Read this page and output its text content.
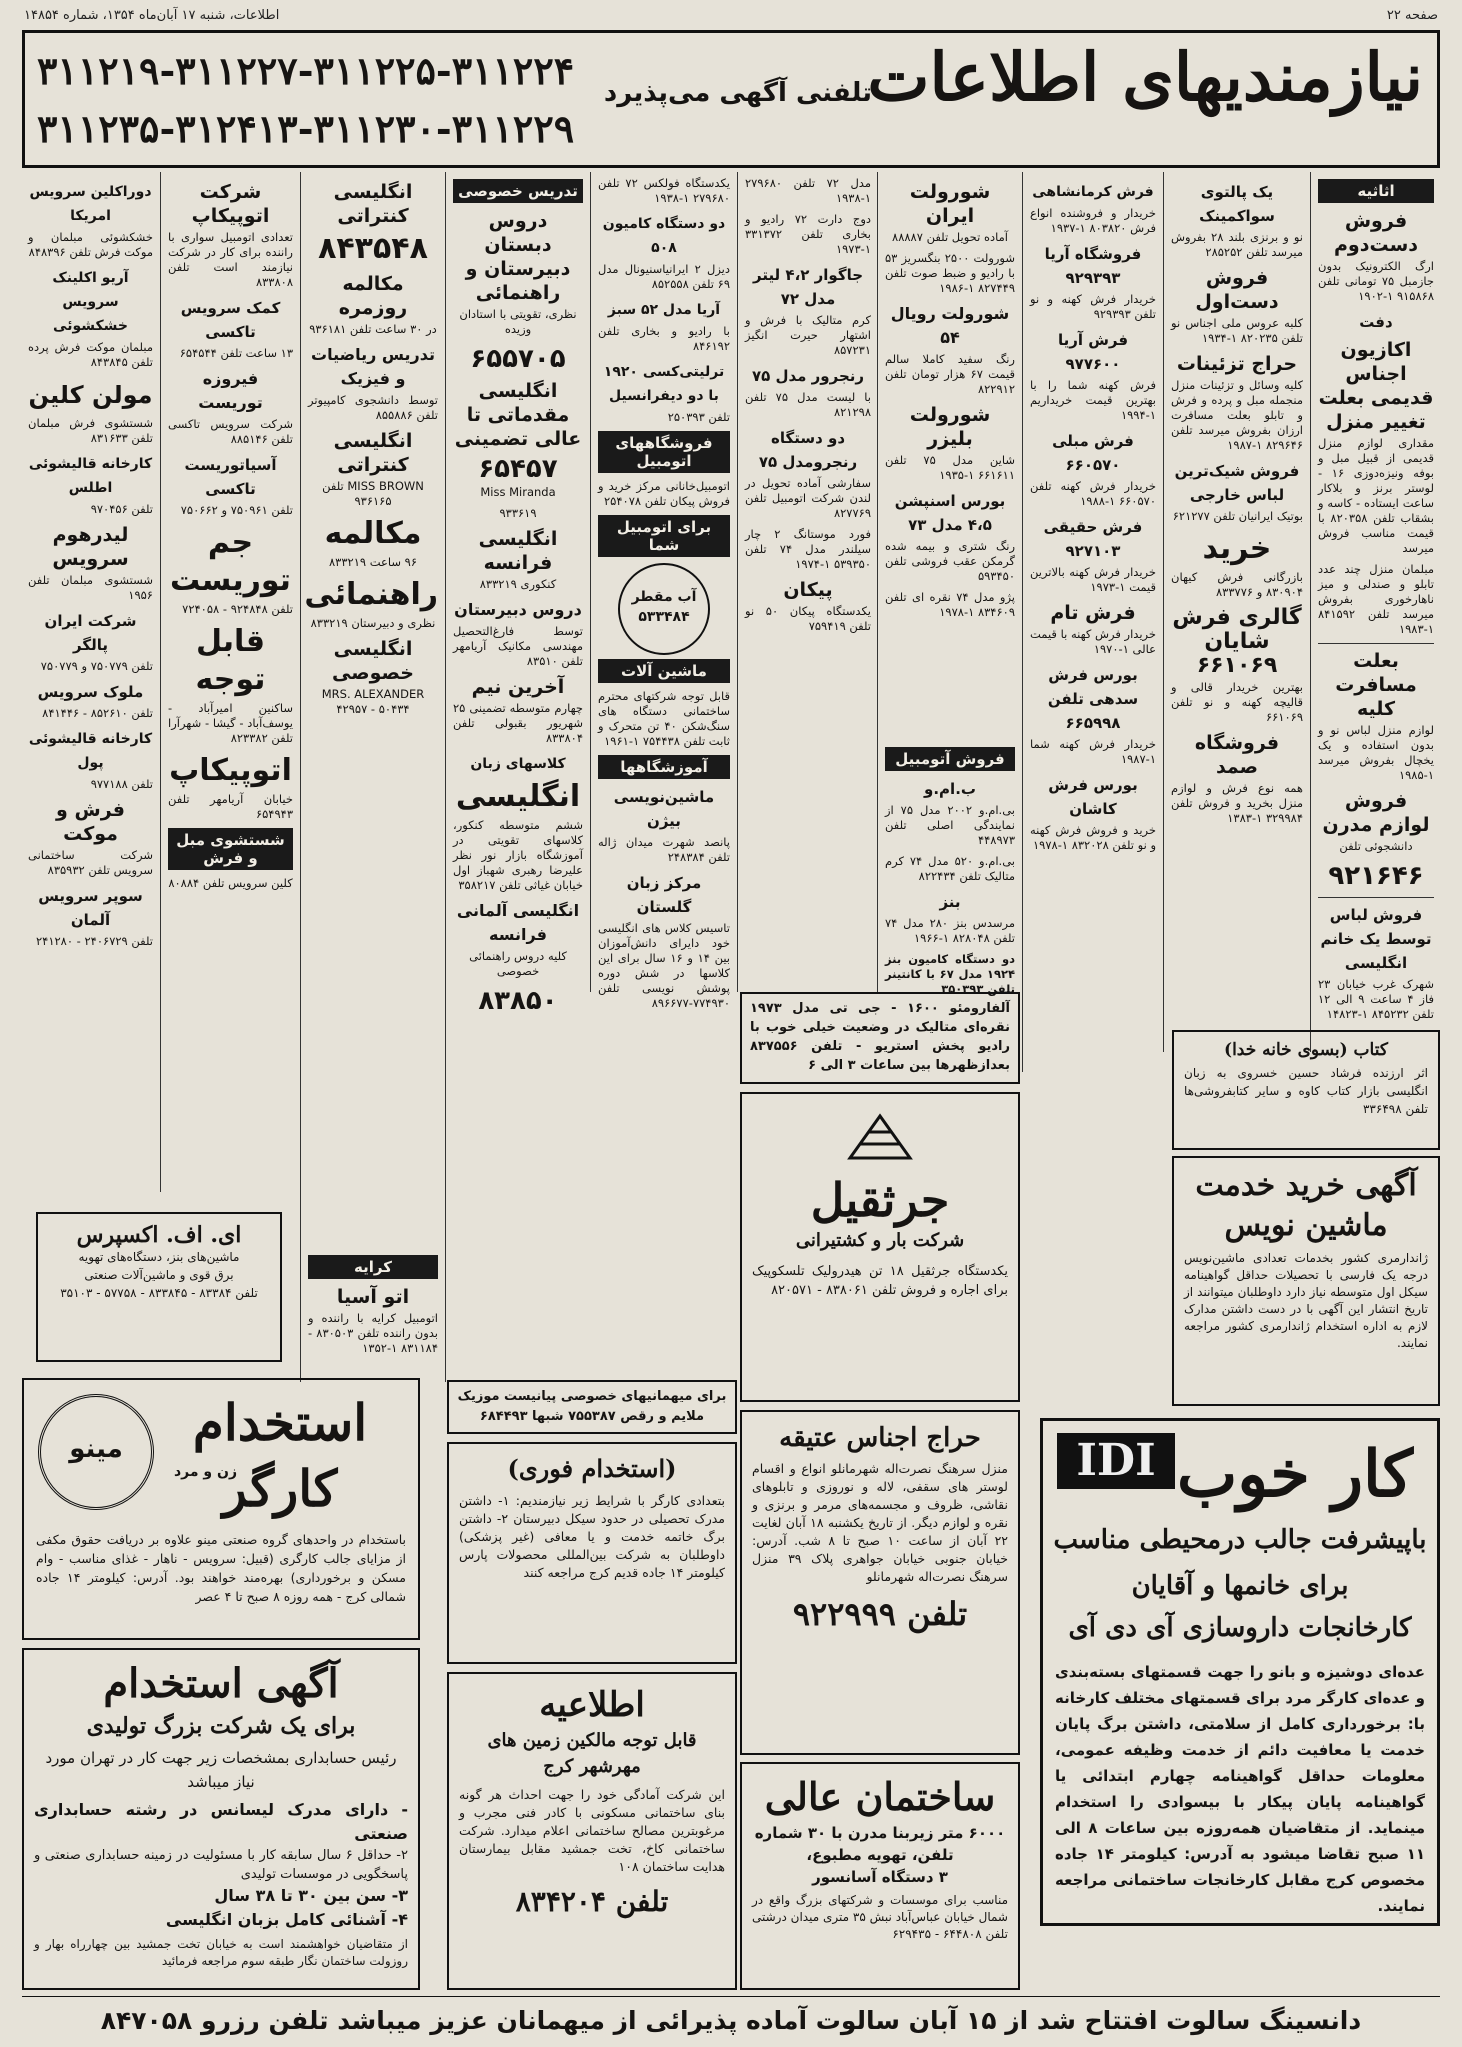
صفحه ۲۲
اطلاعات، شنبه ۱۷ آبان‌ماه ۱۳۵۴، شماره ۱۴۸۵۴
نیازمندیهای اطلاعات
تلفنی آگهی می‌پذیرد
۳۱۱۲۱۹-۳۱۱۲۲۷-۳۱۱۲۲۵-۳۱۱۲۲۴
۳۱۱۲۳۵-۳۱۲۴۱۳-۳۱۱۲۳۰-۳۱۱۲۲۹
اثاثیه
فروش دست‌دوم
ارگ الکترونیک بدون جازمبل ۷۵ تومانی تلفن ۹۱۵۸۶۸ ۱-۱۹۰۲
دفت
اکازیون اجناس قدیمی بعلت تغییر منزل
مقداری لوازم منزل قدیمی از قبیل مبل و بوفه ونیزه‌دوزی ۱۶ - لوستر برنز و بلاکار ساعت ایستاده - کاسه و بشقاب تلفن ۸۲۰۳۵۸ با قیمت مناسب فروش میرسد
مبلمان منزل چند عدد تابلو و صندلی و میز ناهارخوری بفروش میرسد تلفن ۸۴۱۵۹۲ ۱-۱۹۸۳
بعلت مسافرت کلیه
لوازم منزل لباس نو و بدون استفاده و یک یخچال بفروش میرسد ۱-۱۹۸۵
فروش لوازم مدرن
دانشجوئی تلفن
۹۲۱۶۴۶
فروش لباس توسط یک خانم انگلیسی
شهرک غرب خیابان ۲۳ فاز ۴ ساعت ۹ الی ۱۲ تلفن ۸۴۵۲۳۲ ۱-۱۴۸۲۳
یک پالتوی سواکمینک
نو و برنزی بلند ۲۸ بفروش میرسد تلفن ۲۸۵۲۵۲
فروش دست‌اول
کلبه عروس ملی اجناس نو تلفن ۸۲۰۲۳۵ ۱-۱۹۳۴
حراج تزئینات
کلیه وسائل و تزئینات منزل منجمله مبل و پرده و فرش و تابلو بعلت مسافرت ارزان بفروش میرسد تلفن ۸۲۹۶۴۶ ۱-۱۹۸۷
فروش شیک‌ترین لباس خارجی
بوتیک ایرانیان تلفن ۶۲۱۲۷۷
خرید
بازرگانی فرش کیهان ۸۳۰۹۰۴ و ۸۳۳۷۷۶
گالری فرش شایان ۶۶۱۰۶۹
بهترین خریدار قالی و قالیچه کهنه و نو تلفن ۶۶۱۰۶۹
فروشگاه صمد
همه نوع فرش و لوازم منزل بخرید و فروش تلفن ۳۲۹۹۸۴ ۱-۱۳۸۳
فرش کرمانشاهی
خریدار و فروشنده انواع فرش ۸۰۳۸۲۰ ۱-۱۹۳۷
فروشگاه آریا ۹۲۹۳۹۳
خریدار فرش کهنه و نو تلفن ۹۲۹۳۹۳
فرش آریا ۹۷۷۶۰۰
فرش کهنه شما را با بهترین قیمت خریداریم ۱-۱۹۹۴
فرش مبلی ۶۶۰۵۷۰
خریدار فرش کهنه تلفن ۶۶۰۵۷۰ ۱-۱۹۸۸
فرش حقیقی ۹۲۷۱۰۳
خریدار فرش کهنه بالاترین قیمت ۱-۱۹۷۳
فرش تام
خریدار فرش کهنه با قیمت عالی ۱-۱۹۷۰
بورس فرش سدهی تلفن ۶۶۵۹۹۸
خریدار فرش کهنه شما ۱-۱۹۸۷
بورس فرش کاشان
خرید و فروش فرش کهنه و نو تلفن ۸۳۲۰۲۸ ۱-۱۹۷۸
شورولت ایران
آماده تحویل تلفن ۸۸۸۸۷
شورولت ۲۵۰۰ بنگسریز ۵۳ با رادیو و ضبط صوت تلفن ۸۲۷۴۴۹ ۱-۱۹۸۶
شورولت رویال ۵۴
رنگ سفید کاملا سالم قیمت ۶۷ هزار تومان تلفن ۸۲۲۹۱۲
شورولت بلیزر
شاین مدل ۷۵ تلفن ۶۶۱۶۱۱ ۱-۱۹۳۵
بورس اسنپشن ۴،۵ مدل ۷۳
رنگ شتری و بیمه شده گرمکن عقب فروشی تلفن ۵۹۳۴۵۰
پژو مدل ۷۴ نقره ای تلفن ۸۳۴۶۰۹ ۱-۱۹۷۸
فروش آتومبیل
ب.ام.و
بی.ام.و ۲۰۰۲ مدل ۷۵ از نمایندگی اصلی تلفن ۴۴۸۹۷۳
بی.ام.و ۵۲۰ مدل ۷۴ کرم متالیک تلفن ۸۲۲۴۳۴
بنز
مرسدس بنز ۲۸۰ مدل ۷۴ تلفن ۸۲۸۰۴۸ ۱-۱۹۶۶
دو دستگاه کامیون بنز ۱۹۲۴ مدل ۶۷ با کانتینر تلفن ۳۵۰۳۹۳
مدل ۷۲ تلفن ۲۷۹۶۸۰ ۱-۱۹۳۸
دوج دارت ۷۲ رادیو و بخاری تلفن ۳۳۱۳۷۲ ۱-۱۹۷۳
جاگوار ۴،۲ لیتر مدل ۷۲
کرم متالیک با فرش و اشتهار حیرت انگیز ۸۵۷۲۳۱
رنجرور مدل ۷۵
با لیست مدل ۷۵ تلفن ۸۲۱۲۹۸
دو دستگاه رنجرومدل ۷۵
سفارشی آماده تحویل در لندن شرکت اتومبیل تلفن ۸۲۷۷۶۹
فورد موستانگ ۲ چار سیلندر مدل ۷۴ تلفن ۵۳۹۳۵۰ ۱-۱۹۷۴
پیکان
یکدستگاه پیکان ۵۰ نو تلفن ۷۵۹۴۱۹
یکدستگاه فولکس ۷۲ تلفن ۲۷۹۶۸۰ ۱-۱۹۳۸
دو دستگاه کامیون ۵۰۸
دیزل ۲ ایرانیاسنیونال مدل ۶۹ تلفن ۸۵۲۵۵۸
آریا مدل ۵۲ سبز
با رادیو و بخاری تلفن ۸۴۶۱۹۲
ترلیتی‌کسی ۱۹۲۰ با دو دیفرانسیل
تلفن ۲۵۰۳۹۳
فروشگاههای اتومبیل
اتومبیل‌خانانی مرکز خرید و فروش پیکان تلفن ۲۵۴۰۷۸
برای اتومبیل شما
آب مقطر ۵۳۳۴۸۴
ماشین آلات
قابل توجه شرکتهای محترم ساختمانی دستگاه های سنگ‌شکن ۴۰ تن متحرک و ثابت تلفن ۷۵۴۴۳۸ ۱-۱۹۶۱
آموزشگاهها
ماشین‌نویسی بیژن
پانصد شهرت میدان ژاله تلفن ۲۴۸۳۸۴
مرکز زبان گلستان
تاسیس کلاس های انگلیسی خود دایرای دانش‌آموزان بین ۱۴ و ۱۶ سال برای این کلاسها در شش دوره پوشش نویسی تلفن ۷۷۴۹۳۰-۸۹۶۶۷۷
تدریس خصوصی
دروس دبستان دبیرستان و راهنمائی
نظری، تقویتی با استادان وزیده
۶۵۵۷۰۵
انگلیسی مقدماتی تا عالی تضمینی
۶۵۴۵۷
Miss Miranda
۹۳۳۶۱۹
انگلیسی فرانسه
کنکوری ۸۳۳۲۱۹
دروس دبیرستان
توسط فارغ‌التحصیل مهندسی مکانیک آریامهر تلفن ۸۳۵۱۰
آخرین نیم
چهارم متوسطه تضمینی ۲۵ شهریور بقبولی تلفن ۸۳۳۸۰۴
کلاسهای زبان
انگلیسی
ششم متوسطه کنکور، کلاسهای تقویتی در آموزشگاه بازار نور نظر علیرضا رهبری شهباز اول خیابان غیاثی تلفن ۳۵۸۲۱۷
انگلیسی آلمانی فرانسه
کلیه دروس راهنمائی خصوصی
۸۳۸۵۰
انگلیسی کنتراتی
۸۴۳۵۴۸
مکالمه روزمره
در ۳۰ ساعت تلفن ۹۳۶۱۸۱
تدریس ریاضیات و فیزیک
توسط دانشجوی کامپیوتر تلفن ۸۵۵۸۸۶
انگلیسی کنتراتی
MISS BROWN تلفن ۹۳۶۱۶۵
مکالمه
۹۶ ساعت ۸۳۳۲۱۹
راهنمائی
نظری و دبیرستان ۸۳۳۲۱۹
انگلیسی خصوصی
MRS. ALEXANDER ۴۲۹۵۷ - ۵۰۴۳۴
شرکت اتوپیکاپ
تعدادی اتومبیل سواری با راننده برای کار در شرکت نیازمند است تلفن ۸۳۳۸۰۸
کمک سرویس تاکسی
۱۳ ساعت تلفن ۶۵۴۵۴۴
فیروزه توریست
شرکت سرویس تاکسی تلفن ۸۸۵۱۴۶
آسیاتوریست تاکسی
تلفن ۷۵۰۹۶۱ و ۷۵۰۶۶۲
جم توریست
تلفن ۹۲۴۸۴۸ - ۷۲۴۰۵۸
قابل توجه
ساکنین امیرآباد - یوسف‌آباد - گیشا - شهرآرا تلفن ۸۲۳۳۸۲
اتوپیکاپ
خیابان آریامهر تلفن ۶۵۴۹۴۳
شستشوی مبل و فرش
کلین سرویس تلفن ۸۰۸۸۴
دوراکلین سرویس امریکا
خشکشوئی مبلمان و موکت فرش تلفن ۸۴۸۳۹۶
آریو اکلینک سرویس خشکشوئی
مبلمان موکت فرش پرده تلفن ۸۴۳۸۴۵
مولن کلین
شستشوی فرش مبلمان تلفن ۸۳۱۶۳۳
کارخانه قالیشوئی اطلس
تلفن ۹۷۰۴۵۶
لیدرهوم سرویس
شستشوی مبلمان تلفن ۱۹۵۶
شرکت ایران پالگر
تلفن ۷۵۰۷۷۹ و ۷۵۰۷۷۹
ملوک سرویس
تلفن ۸۵۲۶۱۰ - ۸۴۱۴۴۶
کارخانه قالیشوئی پول
تلفن ۹۷۷۱۸۸
فرش و موکت
شرکت ساختمانی سرویس تلفن ۸۳۵۹۳۲
سوپر سرویس آلمان
تلفن ۲۴۰۶۷۲۹ - ۲۴۱۲۸۰
ای. اف. اکسپرس
ماشین‌های بنز، دستگاه‌های تهویه
برق قوی و ماشین‌آلات صنعتی
تلفن ۸۳۳۸۴ - ۸۳۳۸۴۵ - ۵۷۷۵۸ - ۳۵۱۰۳
کرایه
اتو آسیا
اتومبیل کرایه با راننده و بدون راننده تلفن ۸۳۰۵۰۳ - ۸۳۱۱۸۴ ۱-۱۳۵۲
برای میهمانیهای خصوصی پیانیست موزیک ملایم و رقص ۷۵۵۳۸۷ شبها ۶۸۴۴۹۳
آلفارومئو ۱۶۰۰ - جی تی مدل ۱۹۷۳ نقره‌ای متالیک در وضعیت خیلی خوب با رادیو پخش استریو - تلفن ۸۳۷۵۵۶ بعدازظهرها بین ساعات ۳ الی ۶
جرثقیل
شرکت بار و کشتیرانی
یکدستگاه جرثقیل ۱۸ تن هیدرولیک تلسکوپیک برای اجاره و فروش تلفن ۸۳۸۰۶۱ - ۸۲۰۵۷۱
کتاب (بسوی خانه خدا)
اثر ارزنده فرشاد حسین خسروی به زبان انگلیسی بازار کتاب کاوه و سایر کتابفروشی‌ها تلفن ۳۳۶۴۹۸
آگهی خرید خدمت ماشین نویس
ژاندارمری کشور بخدمات تعدادی ماشین‌نویس درجه یک فارسی با تحصیلات حداقل گواهینامه سیکل اول متوسطه نیاز دارد داوطلبان میتوانند از تاریخ انتشار این آگهی با در دست داشتن مدارک لازم به اداره استخدام ژاندارمری کشور مراجعه نمایند.
مینو	استخدام کارگر
زن و مرد
باستخدام در واحدهای گروه صنعتی مینو علاوه بر دریافت حقوق مکفی از مزایای جالب کارگری (قبیل: سرویس - ناهار - غذای مناسب - وام مسکن و برخورداری) بهره‌مند خواهند بود. آدرس: کیلومتر ۱۴ جاده شمالی کرج - همه روزه ۸ صبح تا ۴ عصر
(استخدام فوری)
بتعدادی کارگر با شرایط زیر نیازمندیم: ۱- داشتن مدرک تحصیلی در حدود سیکل دبیرستان ۲- داشتن برگ خاتمه خدمت و یا معافی (غیر پزشکی) داوطلبان به شرکت بین‌المللی محصولات پارس کیلومتر ۱۴ جاده قدیم کرج مراجعه کنند
حراج اجناس عتیقه
منزل سرهنگ نصرت‌اله شهرمانلو انواع و اقسام لوستر های سقفی، لاله و نوروزی و تابلوهای نقاشی، ظروف و مجسمه‌های مرمر و برنزی و نقره و لوازم دیگر. از تاریخ یکشنبه ۱۸ آبان لغایت ۲۲ آبان از ساعت ۱۰ صبح تا ۸ شب. آدرس: خیابان جنوبی خیابان جواهری پلاک ۳۹ منزل سرهنگ نصرت‌اله شهرمانلو
تلفن ۹۲۲۹۹۹
IDI کار خوب
باپیشرفت جالب درمحیطی مناسب
برای خانمها و آقایان
کارخانجات داروسازی آی دی آی
عده‌ای دوشیزه و بانو را جهت قسمتهای بسته‌بندی و عده‌ای کارگر مرد برای قسمتهای مختلف کارخانه با: برخورداری کامل از سلامتی، داشتن برگ پایان خدمت یا معافیت دائم از خدمت وظیفه عمومی، معلومات حداقل گواهینامه چهارم ابتدائی یا گواهینامه پایان پیکار با بیسوادی را استخدام مینماید. از متقاضیان همه‌روزه بین ساعات ۸ الی ۱۱ صبح تقاضا میشود به آدرس: کیلومتر ۱۴ جاده مخصوص کرج مقابل کارخانجات ساختمانی مراجعه نمایند.
آگهی استخدام
برای یک شرکت بزرگ تولیدی
رئیس حسابداری بمشخصات زیر جهت کار در تهران مورد نیاز میباشد
- دارای مدرک لیسانس در رشته حسابداری صنعتی
۲- حداقل ۶ سال سابقه کار با مسئولیت در زمینه حسابداری صنعتی و پاسخگویی در موسسات تولیدی
۳- سن بین ۳۰ تا ۳۸ سال
۴- آشنائی کامل بزبان انگلیسی
از متقاضیان خواهشمند است به خیابان تخت جمشید بین چهارراه بهار و روزولت ساختمان نگار طبقه سوم مراجعه فرمائید
اطلاعیه
قابل توجه مالکین زمین های مهرشهر کرج
این شرکت آمادگی خود را جهت احداث هر گونه بنای ساختمانی مسکونی با کادر فنی مجرب و مرغوبترین مصالح ساختمانی اعلام میدارد. شرکت ساختمانی کاخ، تخت جمشید مقابل بیمارستان هدایت ساختمان ۱۰۸
تلفن ۸۳۴۲۰۴
ساختمان عالی
۶۰۰۰ متر زیربنا مدرن با ۳۰ شماره تلفن، تهویه مطبوع،
۳ دستگاه آسانسور
مناسب برای موسسات و شرکتهای بزرگ واقع در شمال خیابان عباس‌آباد نبش ۳۵ متری میدان درشتی تلفن ۶۴۴۸۰۸ - ۶۲۹۴۳۵
دانسینگ سالوت افتتاح شد از ۱۵ آبان سالوت آماده پذیرائی از میهمانان عزیز میباشد تلفن رزرو ۸۴۷۰۵۸
